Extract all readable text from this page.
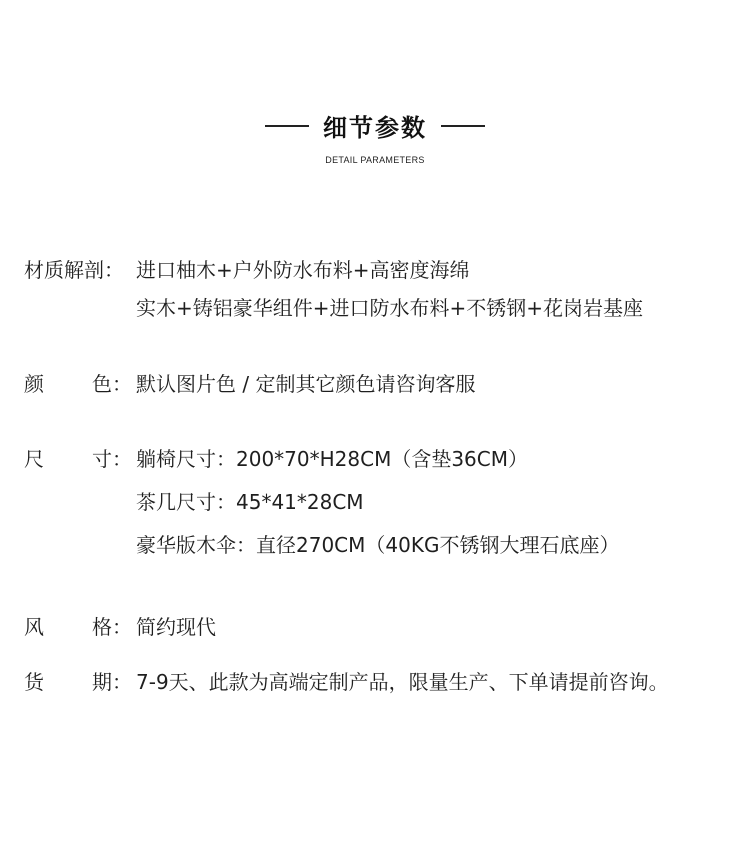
细节参数
DETAIL PARAMETERS
材质解剖： 进口柚木+户外防水布料+高密度海绵
实木+铸铝豪华组件+进口防水布料+不锈钢+花岗岩基座
颜 色： 默认图片色 / 定制其它颜色请咨询客服
尺 寸： 躺椅尺寸：200*70*H28CM（含垫36CM）
茶几尺寸：45*41*28CM
豪华版木伞：直径270CM（40KG不锈钢大理石底座）
风 格： 简约现代
货 期： 7-9天、此款为高端定制产品，限量生产、下单请提前咨询。
